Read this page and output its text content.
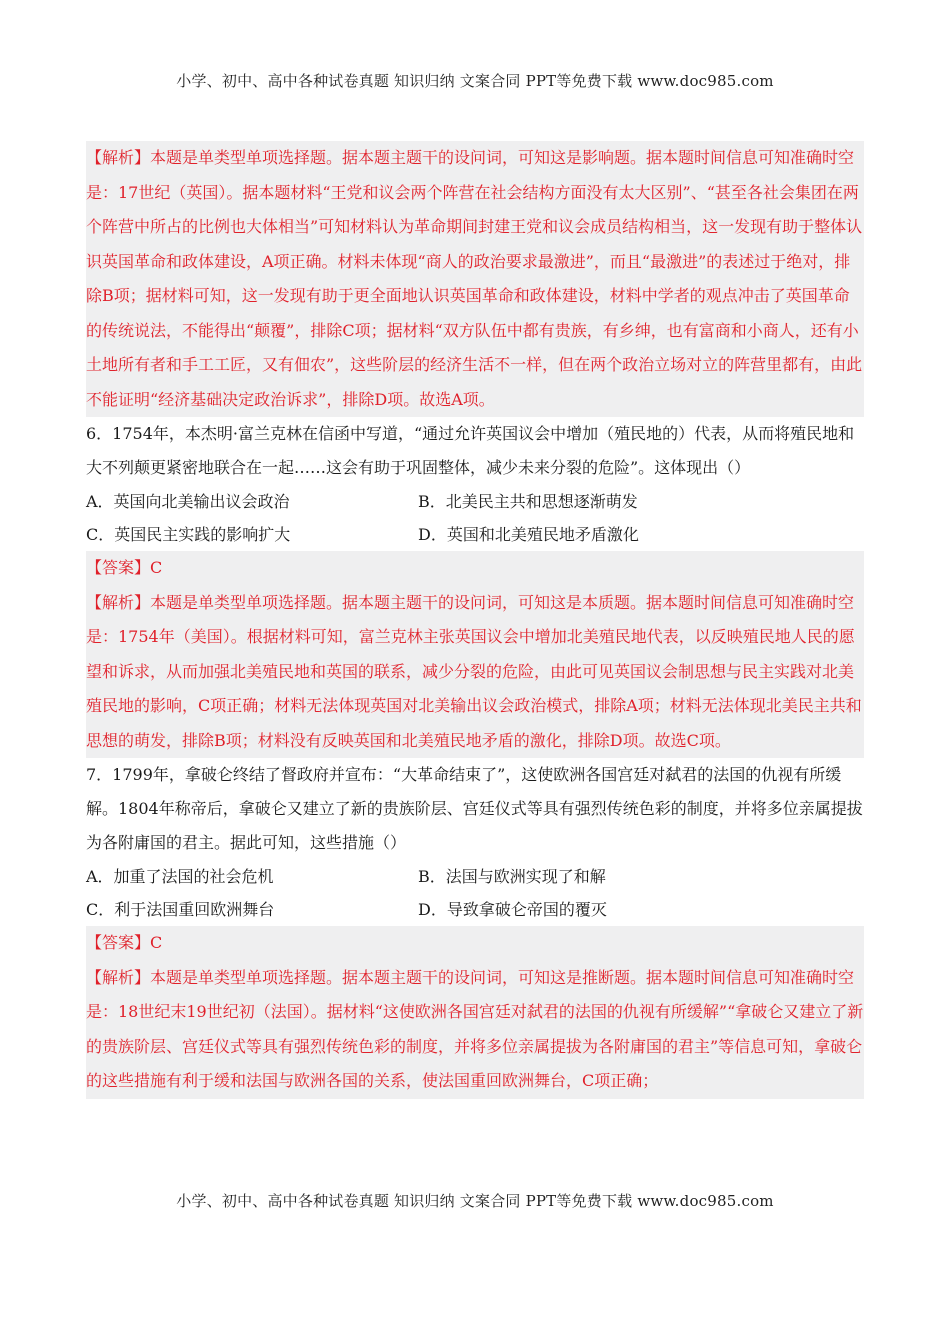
小学、初中、高中各种试卷真题 知识归纳 文案合同 PPT等免费下载 www.doc985.com

【解析】本题是单类型单项选择题。据本题主题干的设问词，可知这是影响题。据本题时间信息可知准确时空是：17世纪（英国）。据本题材料“王党和议会两个阵营在社会结构方面没有太大区别”、“甚至各社会集团在两个阵营中所占的比例也大体相当”可知材料认为革命期间封建王党和议会成员结构相当，这一发现有助于整体认识英国革命和政体建设，A项正确。材料未体现“商人的政治要求最激进”，而且“最激进”的表述过于绝对，排除B项；据材料可知，这一发现有助于更全面地认识英国革命和政体建设，材料中学者的观点冲击了英国革命的传统说法，不能得出“颠覆”，排除C项；据材料“双方队伍中都有贵族，有乡绅，也有富商和小商人，还有小土地所有者和手工工匠，又有佃农”，这些阶层的经济生活不一样，但在两个政治立场对立的阵营里都有，由此不能证明“经济基础决定政治诉求”，排除D项。故选A项。

6．1754年，本杰明·富兰克林在信函中写道，“通过允许英国议会中增加（殖民地的）代表，从而将殖民地和大不列颠更紧密地联合在一起……这会有助于巩固整体，减少未来分裂的危险”。这体现出（）

A．英国向北美输出议会政治	B．北美民主共和思想逐渐萌发
C．英国民主实践的影响扩大	D．英国和北美殖民地矛盾激化

【答案】C

【解析】本题是单类型单项选择题。据本题主题干的设问词，可知这是本质题。据本题时间信息可知准确时空是：1754年（美国）。根据材料可知，富兰克林主张英国议会中增加北美殖民地代表，以反映殖民地人民的愿望和诉求，从而加强北美殖民地和英国的联系，减少分裂的危险，由此可见英国议会制思想与民主实践对北美殖民地的影响，C项正确；材料无法体现英国对北美输出议会政治模式，排除A项；材料无法体现北美民主共和思想的萌发，排除B项；材料没有反映英国和北美殖民地矛盾的激化，排除D项。故选C项。

7．1799年，拿破仑终结了督政府并宣布：“大革命结束了”，这使欧洲各国宫廷对弑君的法国的仇视有所缓解。1804年称帝后，拿破仑又建立了新的贵族阶层、宫廷仪式等具有强烈传统色彩的制度，并将多位亲属提拔为各附庸国的君主。据此可知，这些措施（）

A．加重了法国的社会危机	B．法国与欧洲实现了和解
C．利于法国重回欧洲舞台	D．导致拿破仑帝国的覆灭

【答案】C

【解析】本题是单类型单项选择题。据本题主题干的设问词，可知这是推断题。据本题时间信息可知准确时空是：18世纪末19世纪初（法国）。据材料“这使欧洲各国宫廷对弑君的法国的仇视有所缓解”“拿破仑又建立了新的贵族阶层、宫廷仪式等具有强烈传统色彩的制度，并将多位亲属提拔为各附庸国的君主”等信息可知，拿破仑的这些措施有利于缓和法国与欧洲各国的关系，使法国重回欧洲舞台，C项正确；

小学、初中、高中各种试卷真题 知识归纳 文案合同 PPT等免费下载 www.doc985.com
